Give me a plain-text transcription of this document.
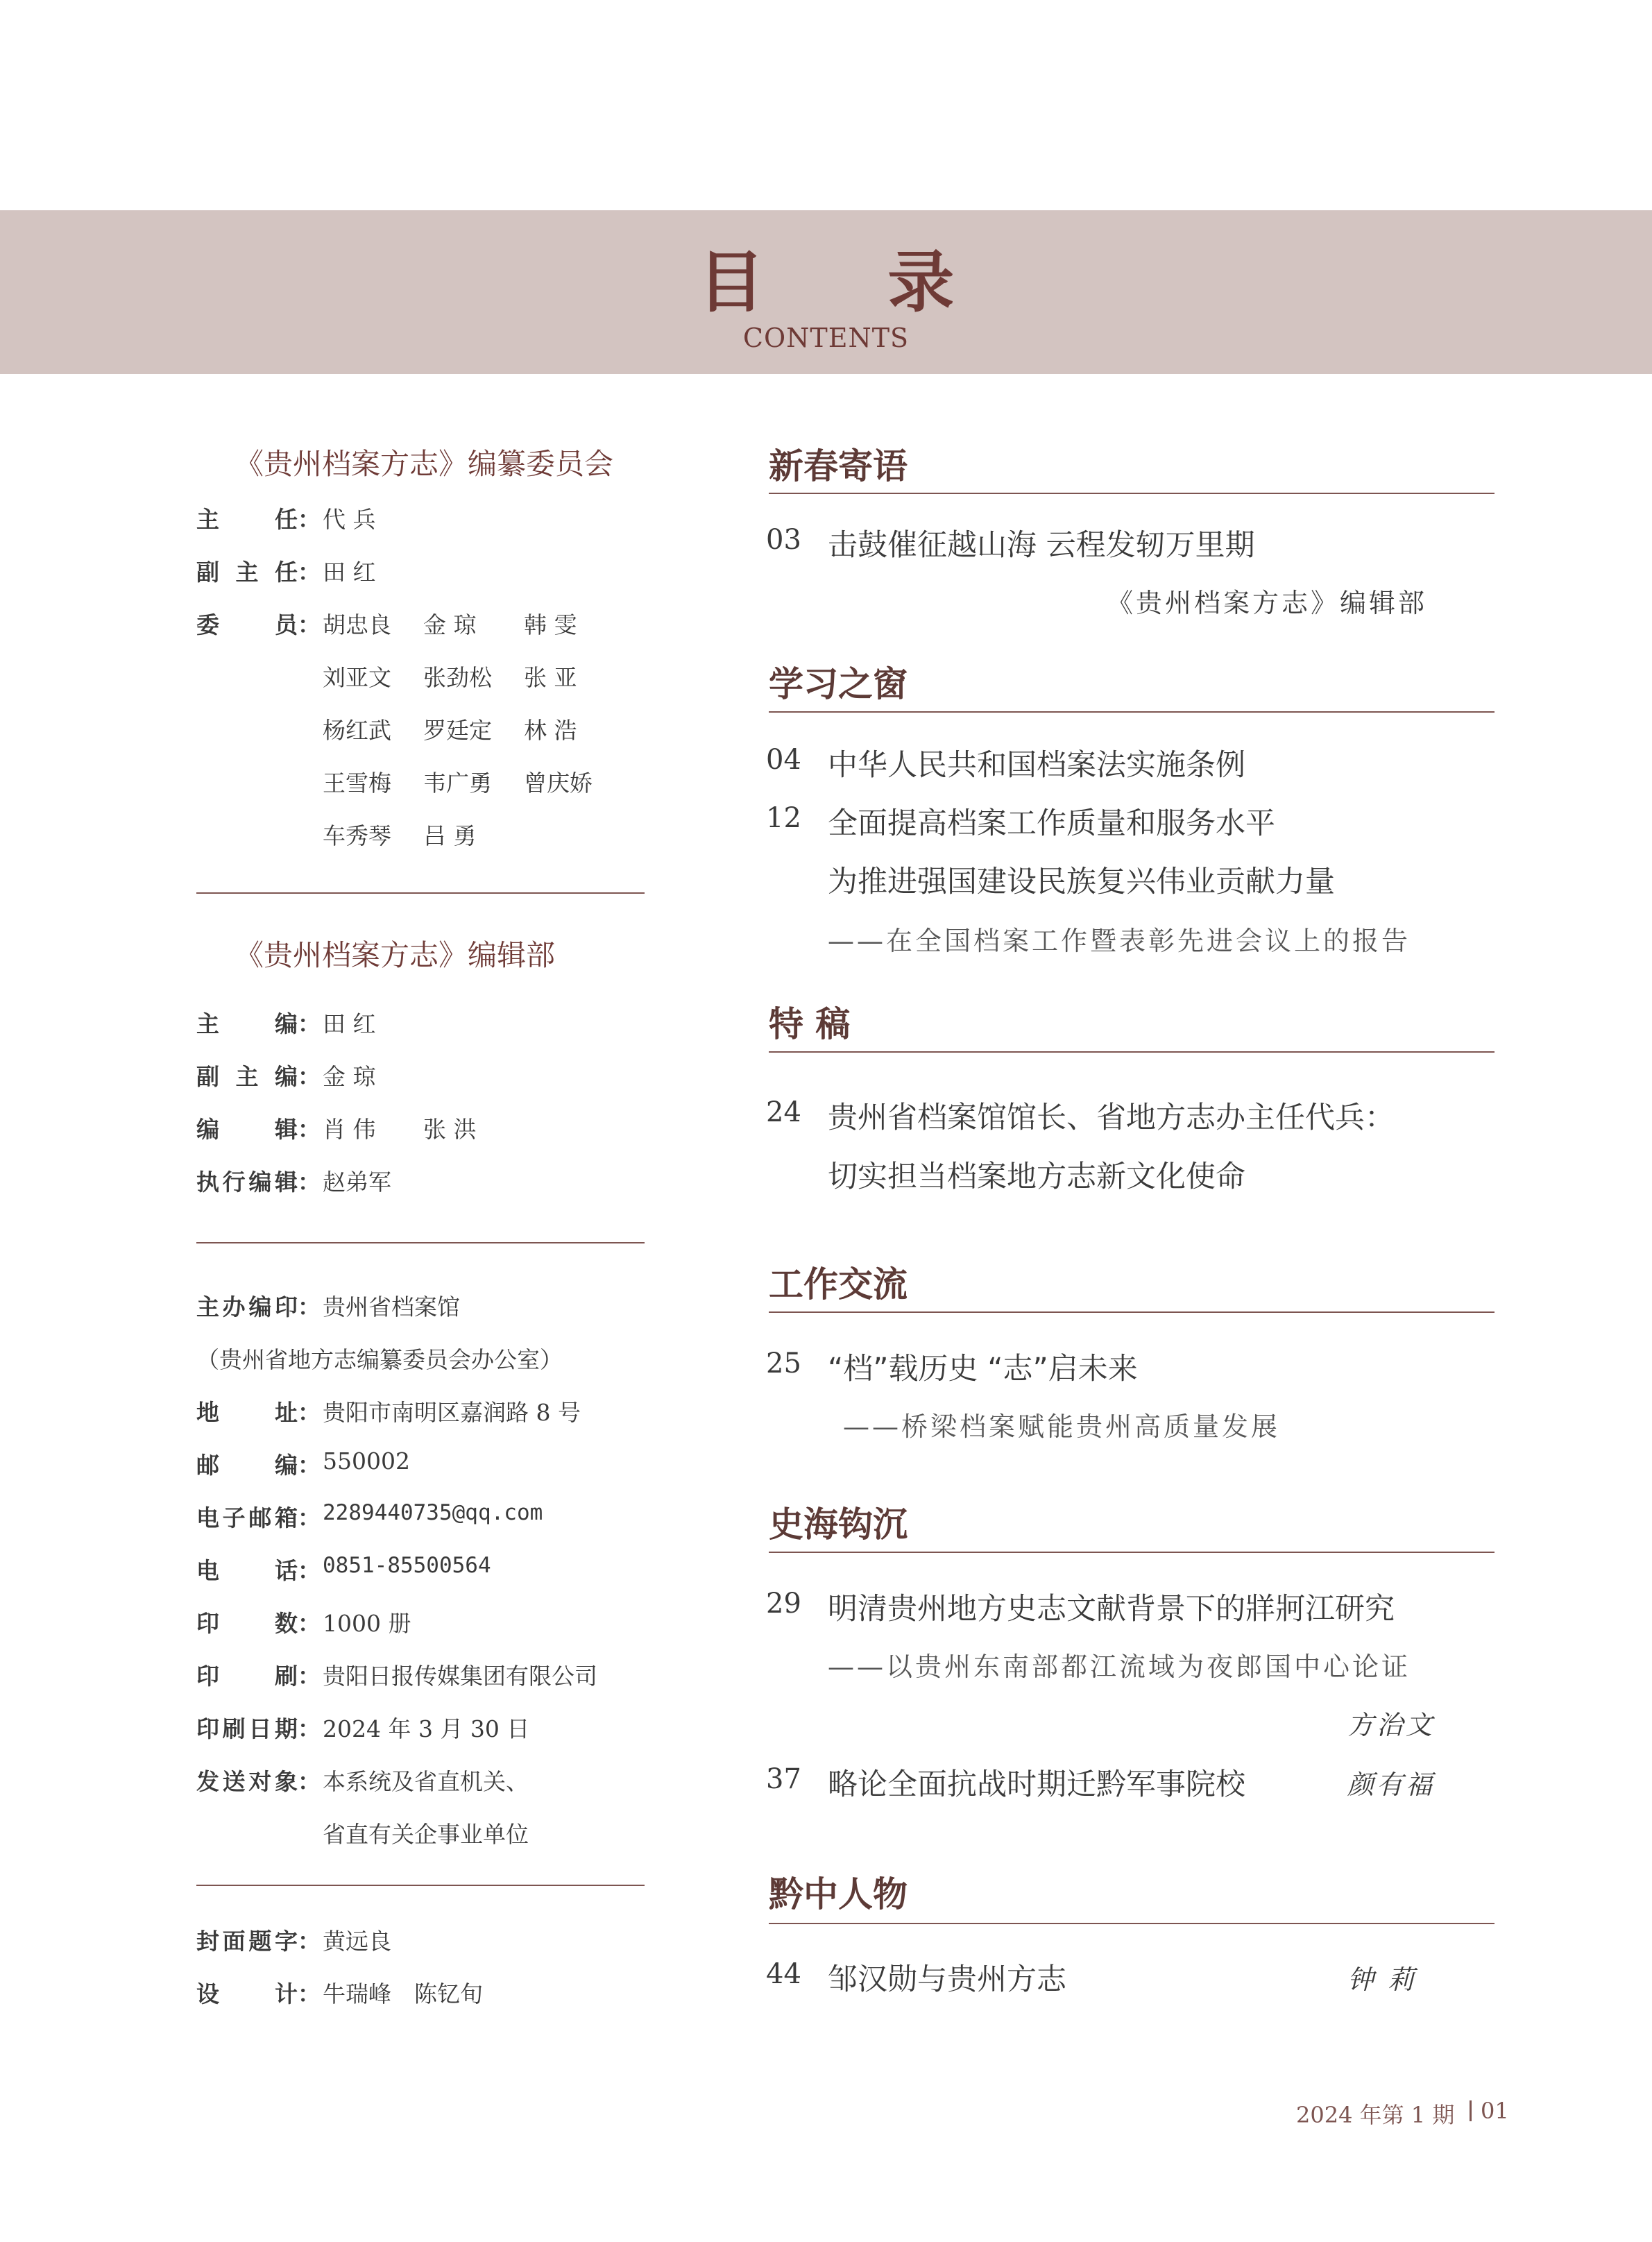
目 录
CONTENTS
《贵州档案方志》编纂委员会
主任： 代 兵
副主任： 田 红
委员： 胡忠良 金 琼 韩 雯
刘亚文 张劲松 张 亚
杨红武 罗廷定 林 浩
王雪梅 韦广勇 曾庆娇
车秀琴 吕 勇
《贵州档案方志》编辑部
主编： 田 红
副主编： 金 琼
编辑： 肖 伟 张 洪
执行编辑： 赵弟军
主办编印： 贵州省档案馆
（贵州省地方志编纂委员会办公室）
地址： 贵阳市南明区嘉润路 8 号
邮编： 550002
电子邮箱： 2289440735@qq.com
电话： 0851-85500564
印数： 1000 册
印刷： 贵阳日报传媒集团有限公司
印刷日期： 2024 年 3 月 30 日
发送对象： 本系统及省直机关、
省直有关企事业单位
封面题字： 黄远良
设计： 牛瑞峰　陈钇旬
新春寄语
03 击鼓催征越山海 云程发轫万里期
《贵州档案方志》编辑部
学习之窗
04 中华人民共和国档案法实施条例
12 全面提高档案工作质量和服务水平
为推进强国建设民族复兴伟业贡献力量
——在全国档案工作暨表彰先进会议上的报告
特 稿
24 贵州省档案馆馆长、省地方志办主任代兵：
切实担当档案地方志新文化使命
工作交流
25 “档”载历史 “志”启未来
——桥梁档案赋能贵州高质量发展
史海钩沉
29 明清贵州地方史志文献背景下的牂牁江研究
——以贵州东南部都江流域为夜郎国中心论证
方治文
37 略论全面抗战时期迁黔军事院校	颜有福
黔中人物
44 邹汉勋与贵州方志	钟 莉
2024 年第 1 期 01
